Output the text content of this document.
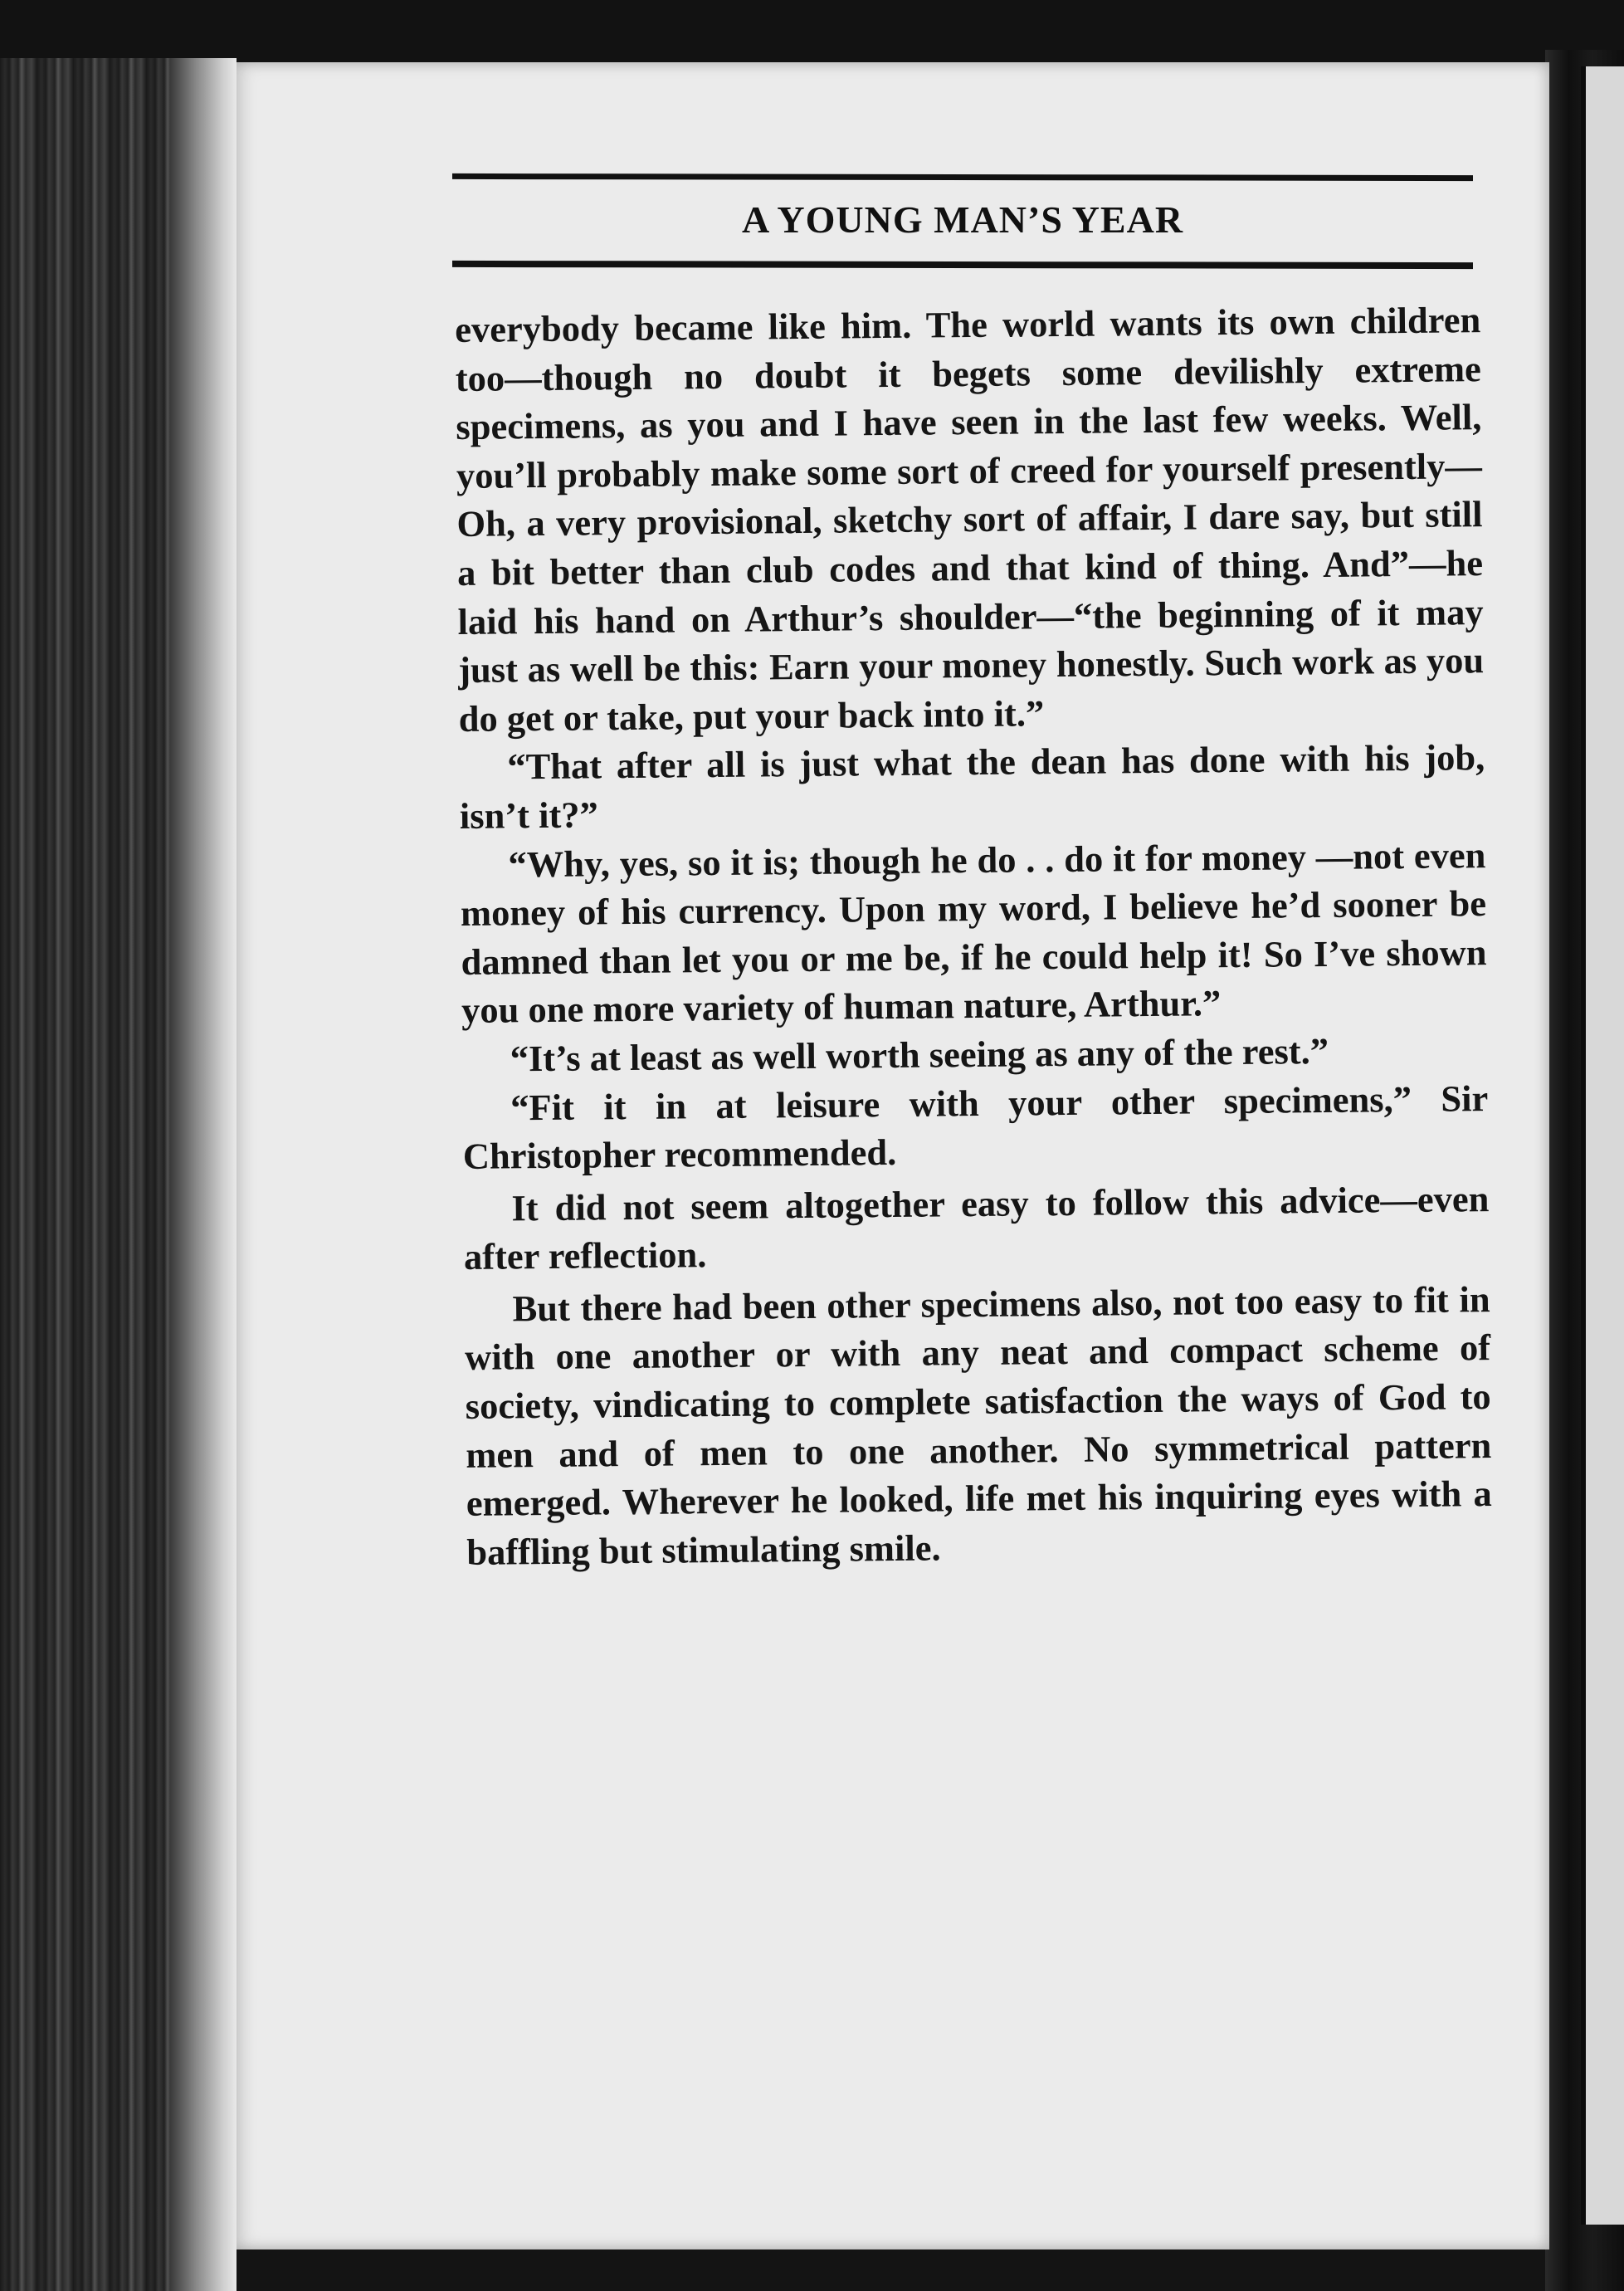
A YOUNG MAN’S YEAR

everybody became like him. The world wants its own children too—though no doubt it begets some devilishly extreme specimens, as you and I have seen in the last few weeks. Well, you’ll probably make some sort of creed for yourself presently—Oh, a very provisional, sketchy sort of affair, I dare say, but still a bit better than club codes and that kind of thing. And”—he laid his hand on Arthur’s shoulder—“the beginning of it may just as well be this: Earn your money honestly. Such work as you do get or take, put your back into it.”

“That after all is just what the dean has done with his job, isn’t it?”

“Why, yes, so it is; though he do . . do it for money —not even money of his currency. Upon my word, I believe he’d sooner be damned than let you or me be, if he could help it! So I’ve shown you one more variety of human nature, Arthur.”

“It’s at least as well worth seeing as any of the rest.”

“Fit it in at leisure with your other specimens,” Sir Christopher recommended.

It did not seem altogether easy to follow this advice—even after reflection.

But there had been other specimens also, not too easy to fit in with one another or with any neat and compact scheme of society, vindicating to complete satisfaction the ways of God to men and of men to one another. No symmetrical pattern emerged. Wherever he looked, life met his inquiring eyes with a baffling but stimulating smile.
